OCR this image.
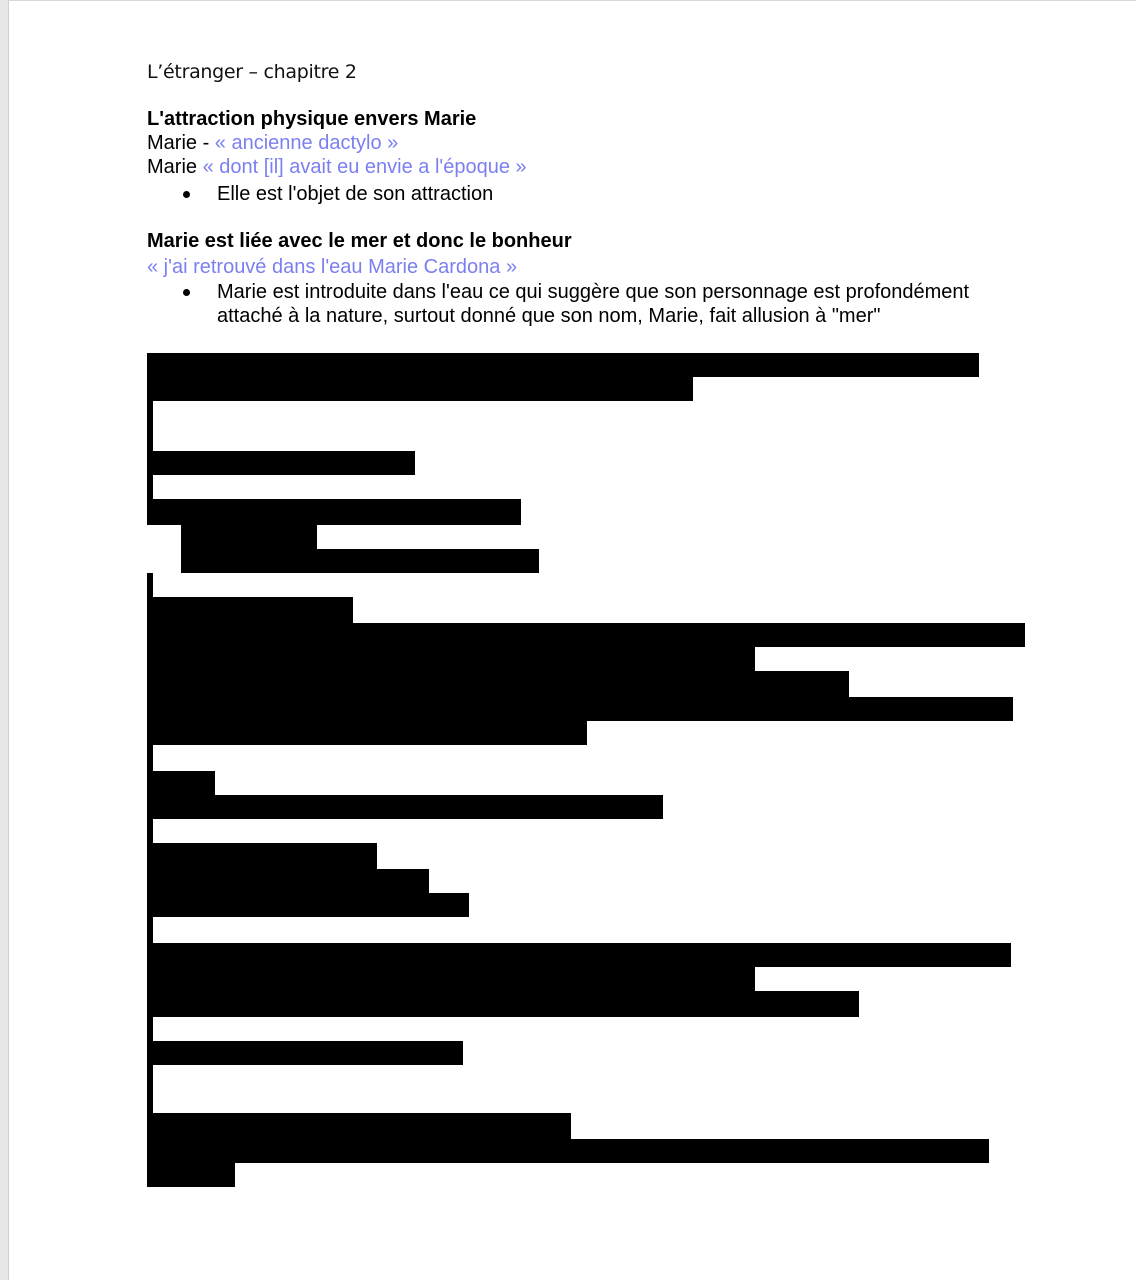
L’étranger – chapitre 2
L'attraction physique envers Marie
Marie - « ancienne dactylo »
Marie « dont [il] avait eu envie a l'époque »
Elle est l'objet de son attraction
Marie est liée avec le mer et donc le bonheur
« j'ai retrouvé dans l'eau Marie Cardona »
Marie est introduite dans l'eau ce qui suggère que son personnage est profondément attaché à la nature, surtout donné que son nom, Marie, fait allusion à "mer"
